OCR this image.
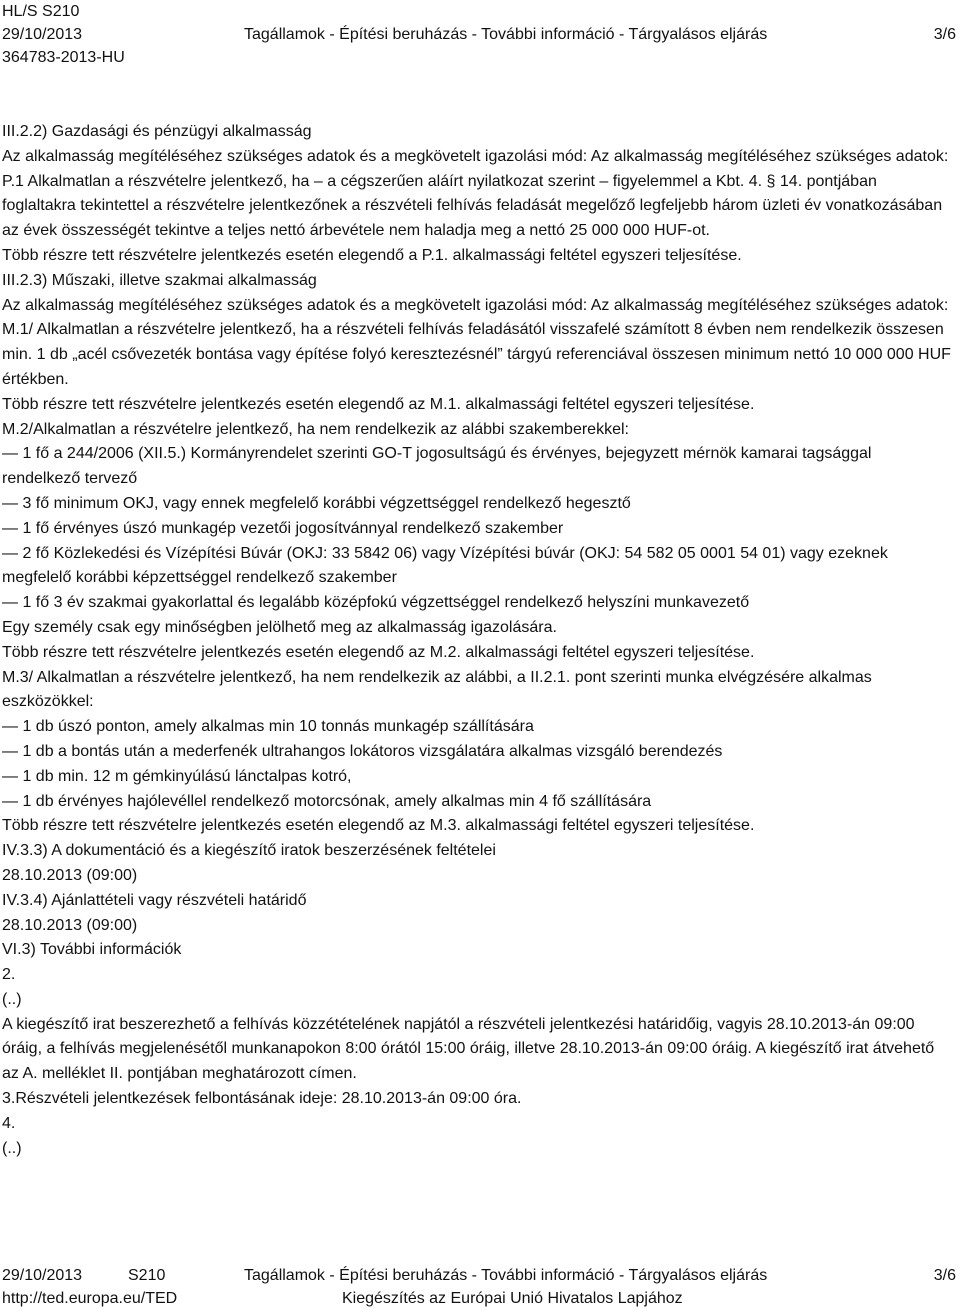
HL/S S210
29/10/2013	Tagállamok - Építési beruházás - További információ - Tárgyalásos eljárás	3/6
364783-2013-HU

III.2.2) Gazdasági és pénzügyi alkalmasság

Az alkalmasság megítéléséhez szükséges adatok és a megkövetelt igazolási mód: Az alkalmasság megítéléséhez szükséges adatok:

P.1 Alkalmatlan a részvételre jelentkező, ha – a cégszerűen aláírt nyilatkozat szerint – figyelemmel a Kbt. 4. § 14. pontjában foglaltakra tekintettel a részvételre jelentkezőnek a részvételi felhívás feladását megelőző legfeljebb három üzleti év vonatkozásában az évek összességét tekintve a teljes nettó árbevétele nem haladja meg a nettó 25 000 000 HUF-ot.

Több részre tett részvételre jelentkezés esetén elegendő a P.1. alkalmassági feltétel egyszeri teljesítése.

III.2.3) Műszaki, illetve szakmai alkalmasság

Az alkalmasság megítéléséhez szükséges adatok és a megkövetelt igazolási mód: Az alkalmasság megítéléséhez szükséges adatok:

M.1/ Alkalmatlan a részvételre jelentkező, ha a részvételi felhívás feladásától visszafelé számított 8 évben nem rendelkezik összesen min. 1 db „acél csővezeték bontása vagy építése folyó keresztezésnél” tárgyú referenciával összesen minimum nettó 10 000 000 HUF értékben.

Több részre tett részvételre jelentkezés esetén elegendő az M.1. alkalmassági feltétel egyszeri teljesítése.

M.2/Alkalmatlan a részvételre jelentkező, ha nem rendelkezik az alábbi szakemberekkel:

— 1 fő a 244/2006 (XII.5.) Kormányrendelet szerinti GO-T jogosultságú és érvényes, bejegyzett mérnök kamarai tagsággal rendelkező tervező

— 3 fő minimum OKJ, vagy ennek megfelelő korábbi végzettséggel rendelkező hegesztő

— 1 fő érvényes úszó munkagép vezetői jogosítvánnyal rendelkező szakember

— 2 fő Közlekedési és Vízépítési Búvár (OKJ: 33 5842 06) vagy Vízépítési búvár (OKJ: 54 582 05 0001 54 01) vagy ezeknek megfelelő korábbi képzettséggel rendelkező szakember

— 1 fő 3 év szakmai gyakorlattal és legalább középfokú végzettséggel rendelkező helyszíni munkavezető

Egy személy csak egy minőségben jelölhető meg az alkalmasság igazolására.

Több részre tett részvételre jelentkezés esetén elegendő az M.2. alkalmassági feltétel egyszeri teljesítése.

M.3/ Alkalmatlan a részvételre jelentkező, ha nem rendelkezik az alábbi, a II.2.1. pont szerinti munka elvégzésére alkalmas eszközökkel:

— 1 db úszó ponton, amely alkalmas min 10 tonnás munkagép szállítására

— 1 db a bontás után a mederfenék ultrahangos lokátoros vizsgálatára alkalmas vizsgáló berendezés

— 1 db min. 12 m gémkinyúlású lánctalpas kotró,

— 1 db érvényes hajólevéllel rendelkező motorcsónak, amely alkalmas min 4 fő szállítására

Több részre tett részvételre jelentkezés esetén elegendő az M.3. alkalmassági feltétel egyszeri teljesítése.

IV.3.3) A dokumentáció és a kiegészítő iratok beszerzésének feltételei

28.10.2013 (09:00)

IV.3.4) Ajánlattételi vagy részvételi határidő

28.10.2013 (09:00)

VI.3) További információk

2.

(..)

A kiegészítő irat beszerezhető a felhívás közzétételének napjától a részvételi jelentkezési határidőig, vagyis 28.10.2013-án 09:00 óráig, a felhívás megjelenésétől munkanapokon 8:00 órától 15:00 óráig, illetve 28.10.2013-án 09:00 óráig. A kiegészítő irat átvehető az A. melléklet II. pontjában meghatározott címen.

3.Részvételi jelentkezések felbontásának ideje: 28.10.2013-án 09:00 óra.

4.

(..)

29/10/2013	S210	Tagállamok - Építési beruházás - További információ - Tárgyalásos eljárás	3/6
http://ted.europa.eu/TED	Kiegészítés az Európai Unió Hivatalos Lapjához
